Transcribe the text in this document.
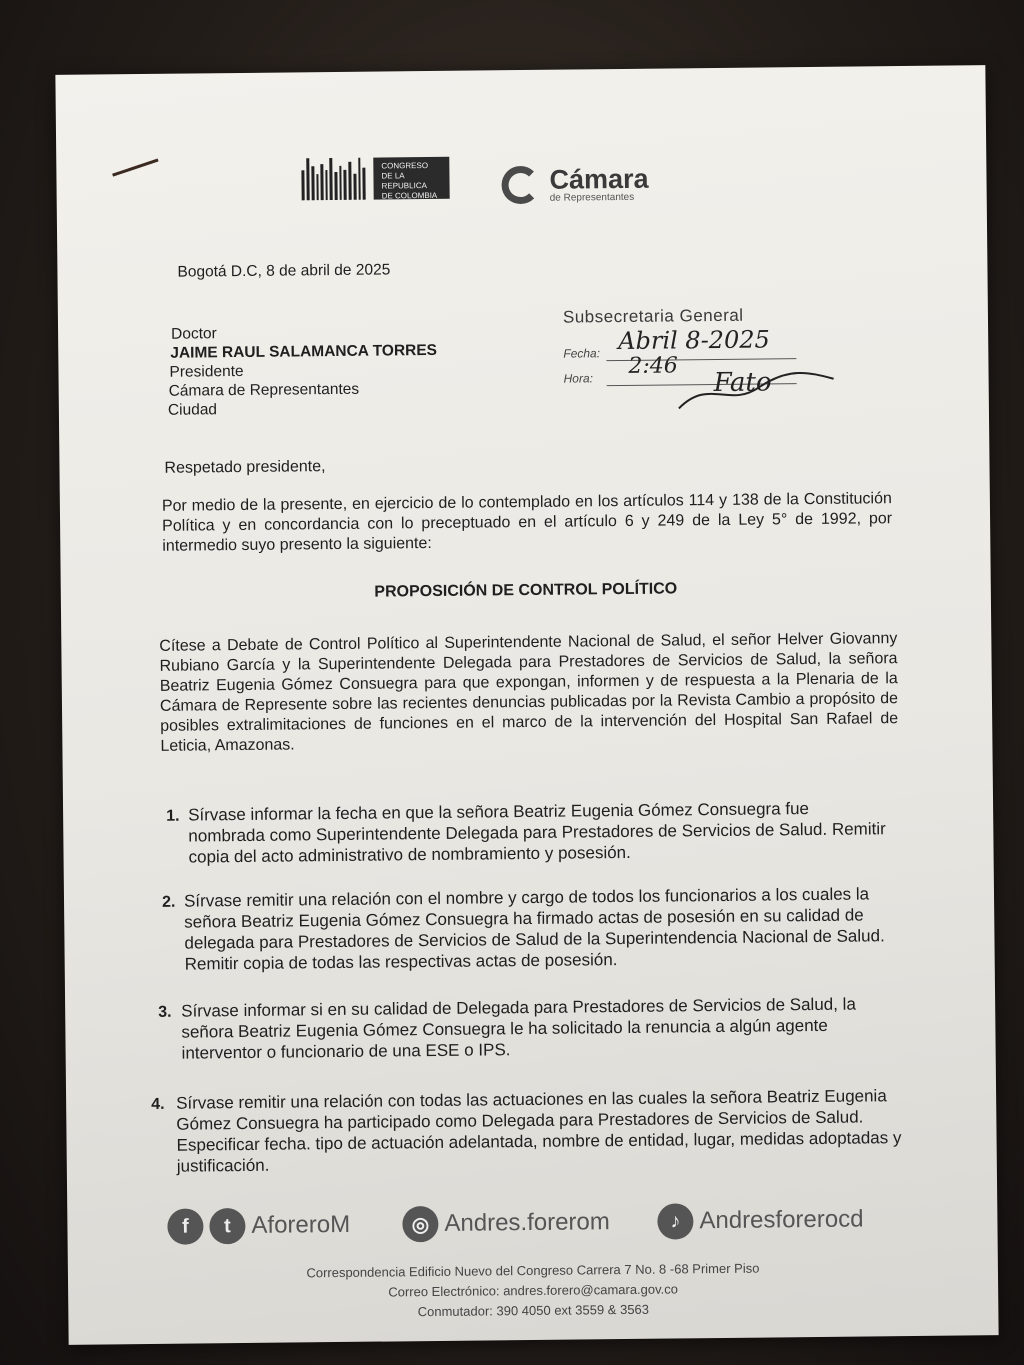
CONGRESO
DE LA REPUBLICA
DE COLOMBIA
Cámara
de Representantes
Bogotá D.C, 8 de abril de 2025
Doctor
JAIME RAUL SALAMANCA TORRES
Presidente
Cámara de Representantes
Ciudad
Subsecretaria General
Fecha: Abril 8-2025
Hora: 2:46
Fato
Respetado presidente,
Por medio de la presente, en ejercicio de lo contemplado en los artículos 114 y 138 de la Constitución Política y en concordancia con lo preceptuado en el artículo 6 y 249 de la Ley 5° de 1992, por intermedio suyo presento la siguiente:
PROPOSICIÓN DE CONTROL POLÍTICO
Cítese a Debate de Control Político al Superintendente Nacional de Salud, el señor Helver Giovanny Rubiano García y la Superintendente Delegada para Prestadores de Servicios de Salud, la señora Beatriz Eugenia Gómez Consuegra para que expongan, informen y de respuesta a la Plenaria de la Cámara de Represente sobre las recientes denuncias publicadas por la Revista Cambio a propósito de posibles extralimitaciones de funciones en el marco de la intervención del Hospital San Rafael de Leticia, Amazonas.
1. Sírvase informar la fecha en que la señora Beatriz Eugenia Gómez Consuegra fue nombrada como Superintendente Delegada para Prestadores de Servicios de Salud. Remitir copia del acto administrativo de nombramiento y posesión.
2. Sírvase remitir una relación con el nombre y cargo de todos los funcionarios a los cuales la señora Beatriz Eugenia Gómez Consuegra ha firmado actas de posesión en su calidad de delegada para Prestadores de Servicios de Salud de la Superintendencia Nacional de Salud. Remitir copia de todas las respectivas actas de posesión.
3. Sírvase informar si en su calidad de Delegada para Prestadores de Servicios de Salud, la señora Beatriz Eugenia Gómez Consuegra le ha solicitado la renuncia a algún agente interventor o funcionario de una ESE o IPS.
4. Sírvase remitir una relación con todas las actuaciones en las cuales la señora Beatriz Eugenia Gómez Consuegra ha participado como Delegada para Prestadores de Servicios de Salud. Especificar fecha. tipo de actuación adelantada, nombre de entidad, lugar, medidas adoptadas y justificación.
f	t AforeroM	◎ Andres.forerom	♪ Andresforerocd
Correspondencia Edificio Nuevo del Congreso Carrera 7 No. 8 -68 Primer Piso
Correo Electrónico: andres.forero@camara.gov.co
Conmutador: 390 4050 ext 3559 & 3563
